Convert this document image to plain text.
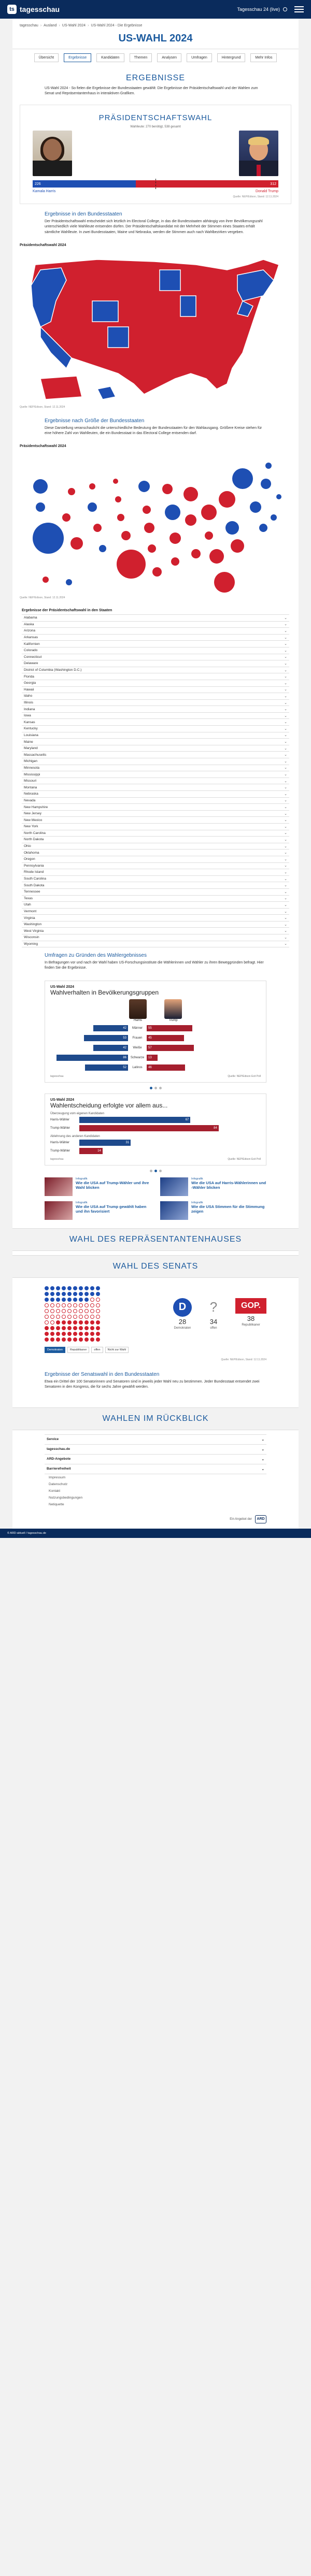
ts tagesschau	Tagesschau 24 (live)
tagesschau › Ausland › US-Wahl 2024 › US-Wahl 2024 - Die Ergebnisse
US-WAHL 2024
Übersicht	Ergebnisse	Kandidaten	Themen	Analysen	Umfragen	Hintergrund	Mehr Infos
ERGEBNISSE

US-Wahl 2024 - So fielen die Ergebnisse der Bundesstaaten gewählt: Die Ergebnisse der Präsidentschaftswahl und der Wahlen zum Senat und Repräsentantenhaus in interaktiven Grafiken.

PRÄSIDENTSCHAFTSWAHL
Wahlleute: 270 benötigt, 538 gesamt
226	312
Kamala Harris	Donald Trump
Quelle: NEP/Edison, Stand: 12.11.2024
Ergebnisse in den Bundesstaaten

Der Präsidentschaftswahl entscheidet sich letztlich im Electoral College, in das die Bundesstaaten abhängig von ihrer Bevölkerungszahl unterschiedlich viele Wahlleute entsenden dürfen. Der Präsidentschaftskandidat mit der Mehrheit der Stimmen eines Staates erhält sämtliche Wahlleute. In zwei Bundesstaaten, Maine und Nebraska, werden die Stimmen auch nach Wahlbezirken vergeben.

Präsidentschaftswahl 2024
Quelle: NEP/Edison, Stand: 12.11.2024
Ergebnisse nach Größe der Bundesstaaten

Diese Darstellung veranschaulicht die unterschiedliche Bedeutung der Bundesstaaten für den Wahlausgang. Größere Kreise stehen für eine höhere Zahl von Wahlleuten, die ein Bundesstaat in das Electoral College entsenden darf.

Präsidentschaftswahl 2024
Quelle: NEP/Edison, Stand: 12.11.2024
Ergebnisse der Präsidentschaftswahl in den Staaten
Alabama	⌄
Alaska	⌄
Arizona	⌄
Arkansas	⌄
Kalifornien	⌄
Colorado	⌄
Connecticut	⌄
Delaware	⌄
District of Columbia (Washington D.C.)	⌄
Florida	⌄
Georgia	⌄
Hawaii	⌄
Idaho	⌄
Illinois	⌄
Indiana	⌄
Iowa	⌄
Kansas	⌄
Kentucky	⌄
Louisiana	⌄
Maine	⌄
Maryland	⌄
Massachusetts	⌄
Michigan	⌄
Minnesota	⌄
Mississippi	⌄
Missouri	⌄
Montana	⌄
Nebraska	⌄
Nevada	⌄
New Hampshire	⌄
New Jersey	⌄
New Mexico	⌄
New York	⌄
North Carolina	⌄
North Dakota	⌄
Ohio	⌄
Oklahoma	⌄
Oregon	⌄
Pennsylvania	⌄
Rhode Island	⌄
South Carolina	⌄
South Dakota	⌄
Tennessee	⌄
Texas	⌄
Utah	⌄
Vermont	⌄
Virginia	⌄
Washington	⌄
West Virginia	⌄
Wisconsin	⌄
Wyoming	⌄
Umfragen zu Gründen des Wahlergebnisses

In Befragungen vor und nach der Wahl haben US-Forschungsinstitute die Wählerinnen und Wähler zu ihren Beweggründen befragt. Hier finden Sie die Ergebnisse.

US-Wahl 2024
Wahlverhalten in Bevölkerungsgruppen
Harris	Trump
42	Männer	55
53	Frauen	45
42	Weiße	57
86	Schwarze	13
52	Latinos	46
tagesschau	Quelle: NEP/Edison Exit Poll
US-Wahl 2024
Wahlentscheidung erfolgte vor allem aus...
Überzeugung vom eigenen Kandidaten
Harris-Wähler	67
Trump-Wähler	84
Ablehnung des anderen Kandidaten
Harris-Wähler	31
Trump-Wähler	14
tagesschau	Quelle: NEP/Edison Exit Poll
Infografik
Wie die USA auf Trump-Wähler und ihre Wahl blicken
Infografik
Wie die USA auf Harris-Wählerinnen und -Wähler blicken
Infografik
Wie die USA auf Trump gewählt haben und ihn favorisiert
Infografik
Wie die USA Stimmen für die Stimmung zeigen
WAHL DES REPRÄSENTANTENHAUSES
WAHL DES SENATS
D
28
Demokraten
?
34
offen
GOP.
38
Republikaner
Demokraten	Republikaner	offen	Nicht zur Wahl
Quelle: NEP/Edison, Stand: 12.11.2024
Ergebnisse der Senatswahl in den Bundesstaaten

Etwa ein Drittel der 100 Senatorinnen und Senatoren sind in jeweils jeder Wahl neu zu bestimmen. Jeder Bundesstaat entsendet zwei Senatoren in den Kongress, die für sechs Jahre gewählt werden.

WAHLEN IM RÜCKBLICK
Service	⌄
tagesschau.de	⌄
ARD-Angebote	⌄
Barrierefreiheit	⌄
Impressum
Datenschutz
Kontakt
Nutzungsbedingungen
Netiquette
Ein Angebot der	ARD
© ARD-aktuell / tagesschau.de
